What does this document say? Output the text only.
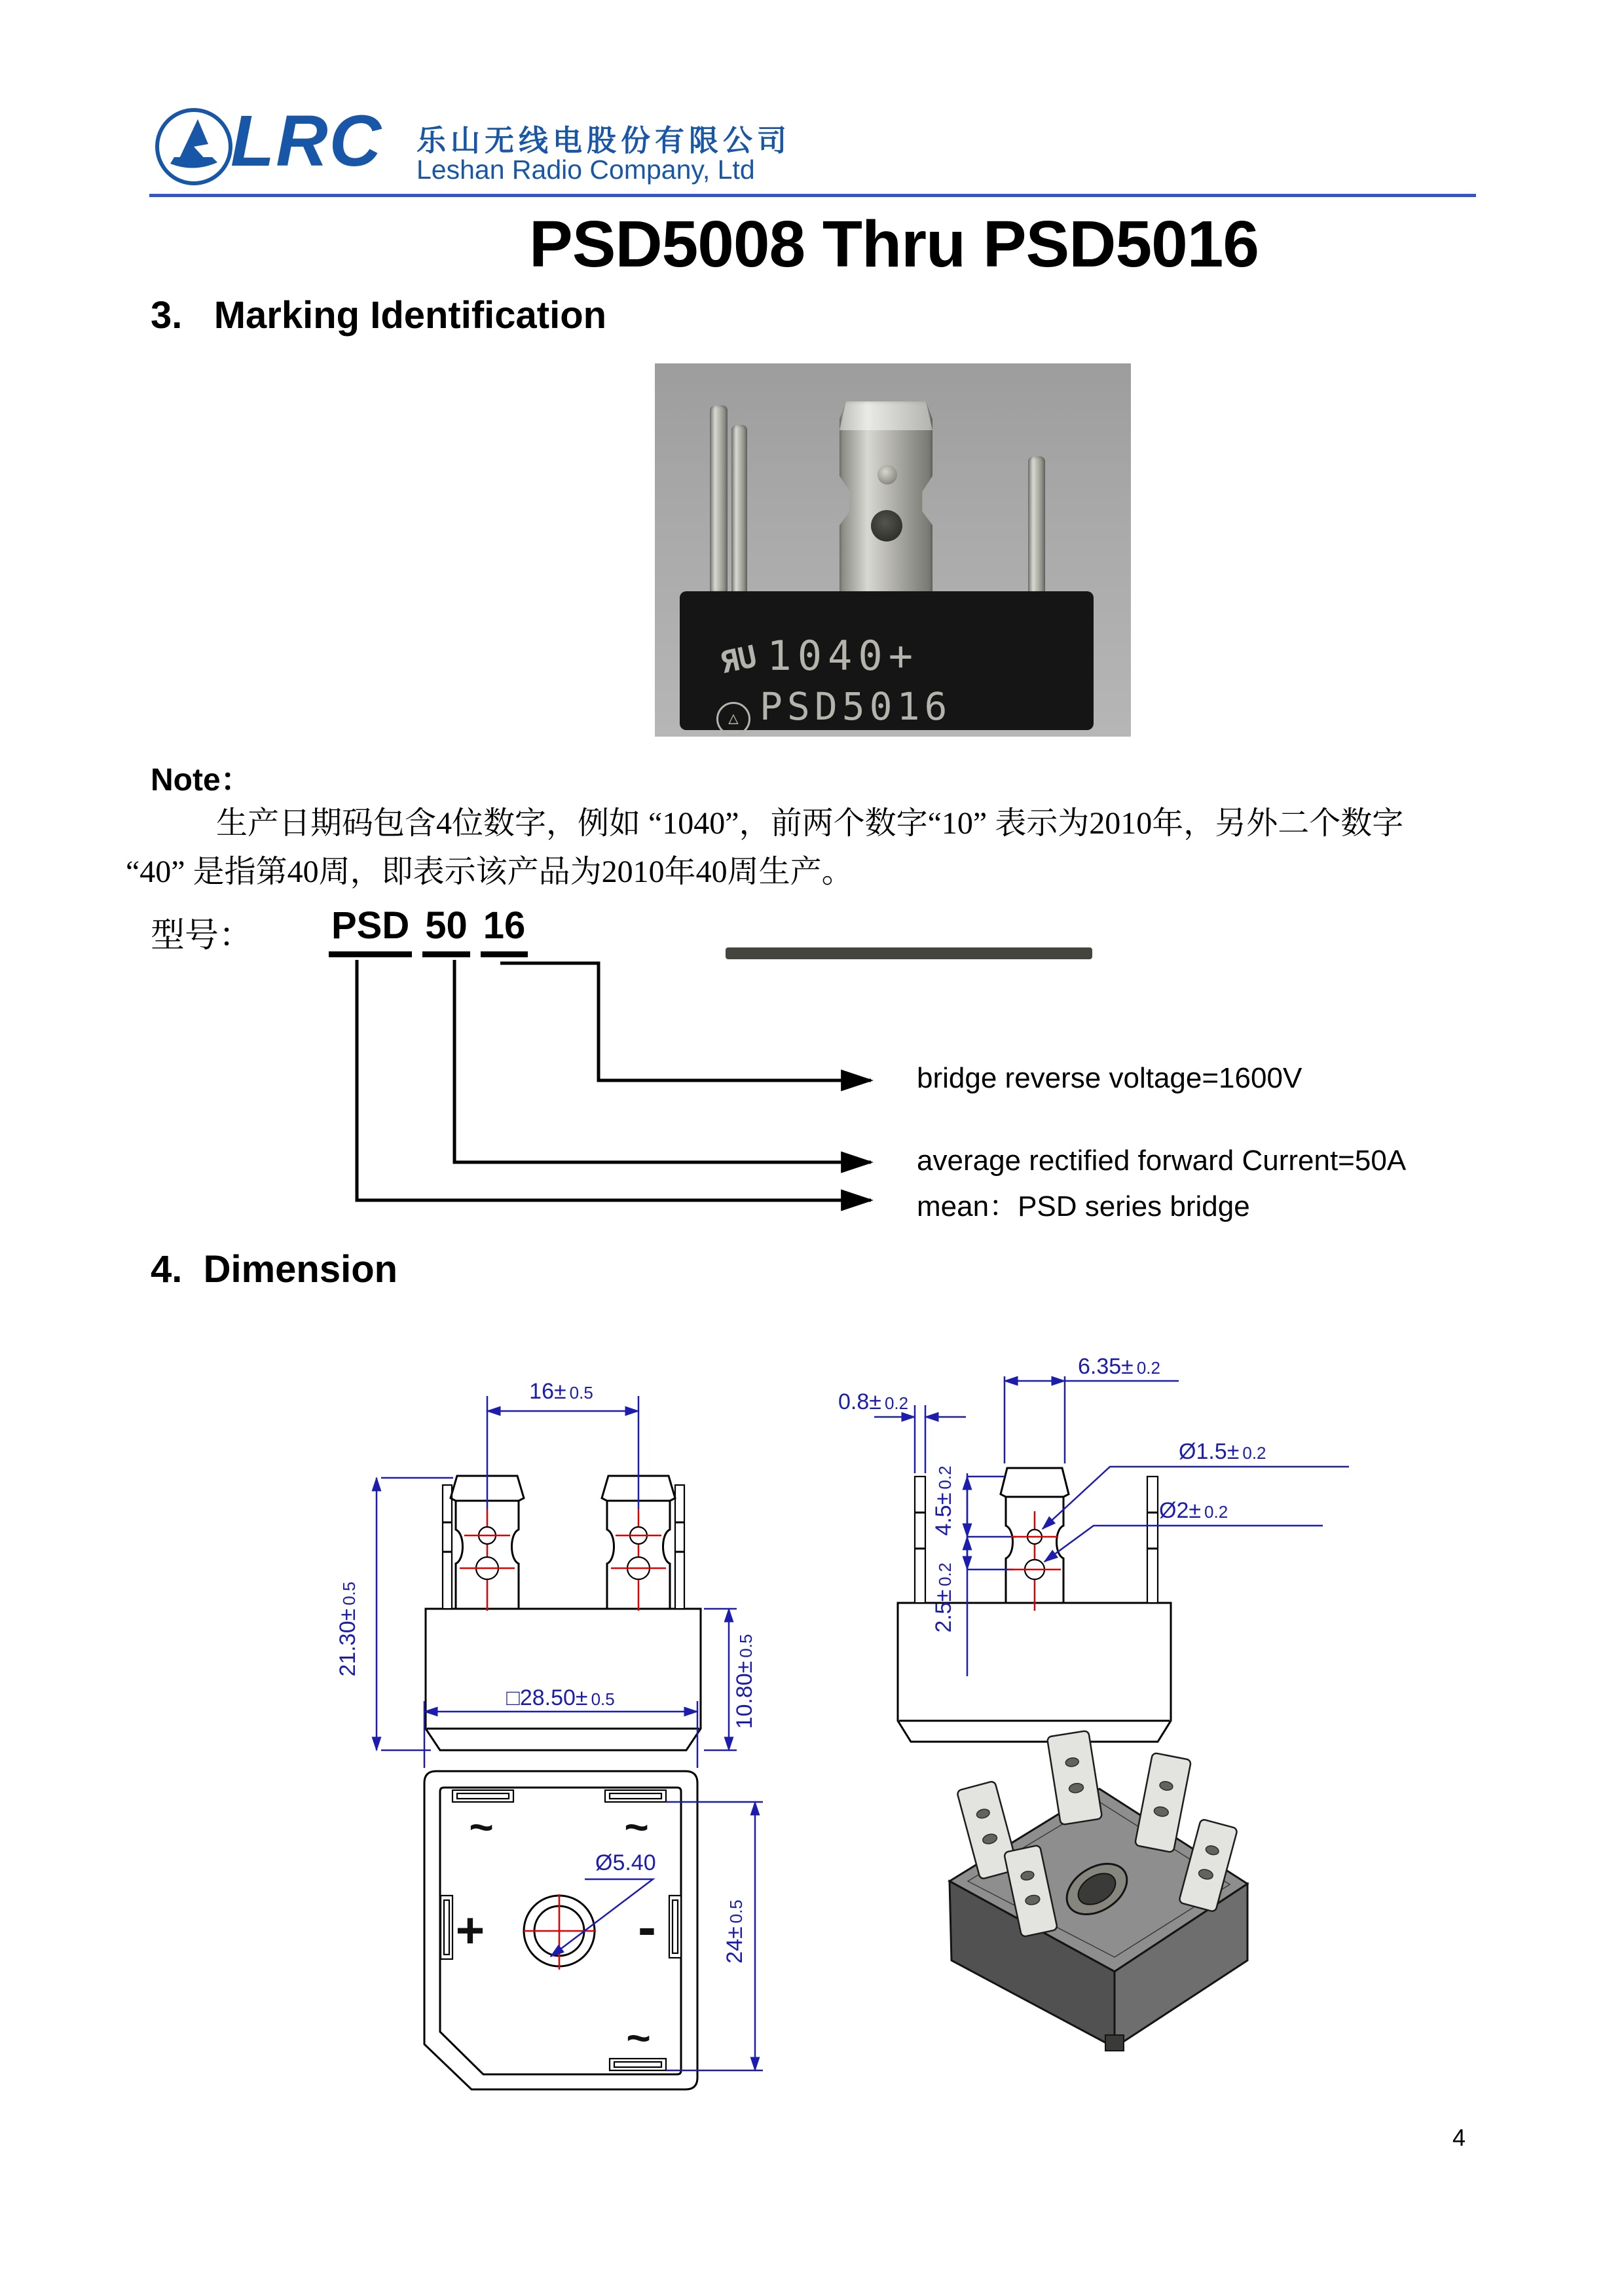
LRC 乐山无线电股份有限公司
Leshan Radio Company, Ltd
PSD5008 Thru PSD5016
3.   Marking Identification
ЯU 1040+
△ PSD5016
Note：
生产日期码包含4位数字，例如 “1040”，前两个数字“10” 表示为2010年，另外二个数字
“40” 是指第40周，即表示该产品为2010年40周生产。
型号： PSD 50 16
bridge reverse voltage=1600V
average rectified forward Current=50A
mean：PSD series bridge
4.  Dimension
16± 0.5
21.30±0.5
10.80±0.5
4.5±0.2
2.5±0.2
6.35± 0.2
0.8± 0.2
Ø1.5± 0.2
Ø2± 0.2
Ø5.40
□28.50± 0.5
24±0.5
~	~
~
+	-
4
